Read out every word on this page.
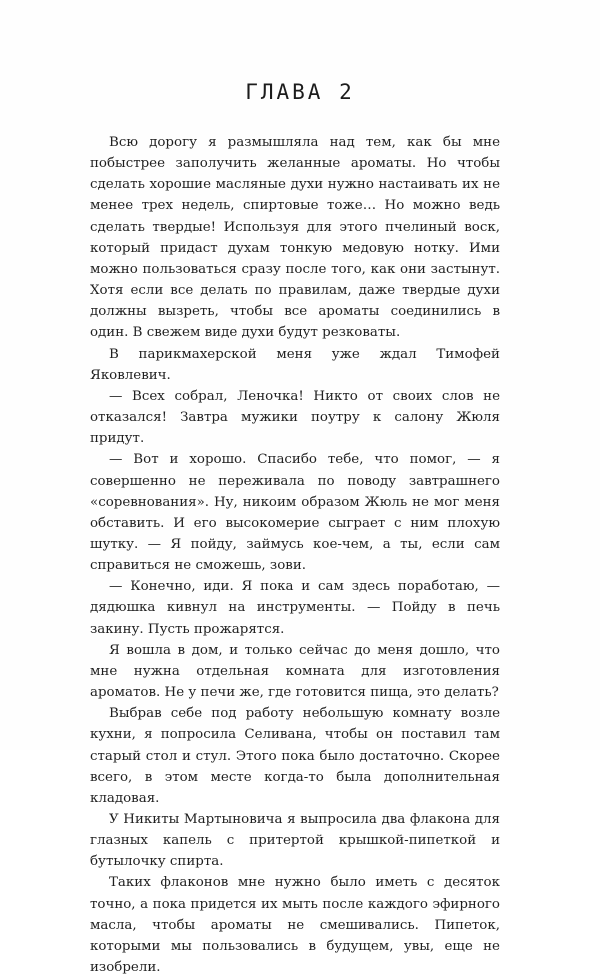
ГЛАВА 2

Всю дорогу я размышляла над тем, как бы мне побыстрее заполучить желанные ароматы. Но чтобы сделать хорошие масляные духи нужно настаивать их не менее трех недель, спиртовые тоже… Но можно ведь сделать твердые! Используя для этого пчелиный воск, который придаст духам тонкую медовую нотку. Ими можно пользоваться сразу после того, как они застынут. Хотя если все делать по правилам, даже твердые духи должны вызреть, чтобы все ароматы соединились в один. В свежем виде духи будут резковаты.

В парикмахерской меня уже ждал Тимофей Яковлевич.

— Всех собрал, Леночка! Никто от своих слов не отказался! Завтра мужики поутру к салону Жюля придут.

— Вот и хорошо. Спасибо тебе, что помог, — я совершенно не переживала по поводу завтрашнего «соревнования». Ну, никоим образом Жюль не мог меня обставить. И его высокомерие сыграет с ним плохую шутку. — Я пойду, займусь кое-чем, а ты, если сам справиться не сможешь, зови.

— Конечно, иди. Я пока и сам здесь поработаю, — дядюшка кивнул на инструменты. — Пойду в печь закину. Пусть прожарятся.

Я вошла в дом, и только сейчас до меня дошло, что мне нужна отдельная комната для изготовления ароматов. Не у печи же, где готовится пища, это делать?

Выбрав себе под работу небольшую комнату возле кухни, я попросила Селивана, чтобы он поставил там старый стол и стул. Этого пока было достаточно. Скорее всего, в этом месте когда-то была дополнительная кладовая.

У Никиты Мартыновича я выпросила два флакона для глазных капель с притертой крышкой-пипеткой и бутылочку спирта.

Таких флаконов мне нужно было иметь с десяток точно, а пока придется их мыть после каждого эфирного масла, чтобы ароматы не смешивались. Пипеток, которыми мы пользовались в будущем, увы, еще не изобрели.
